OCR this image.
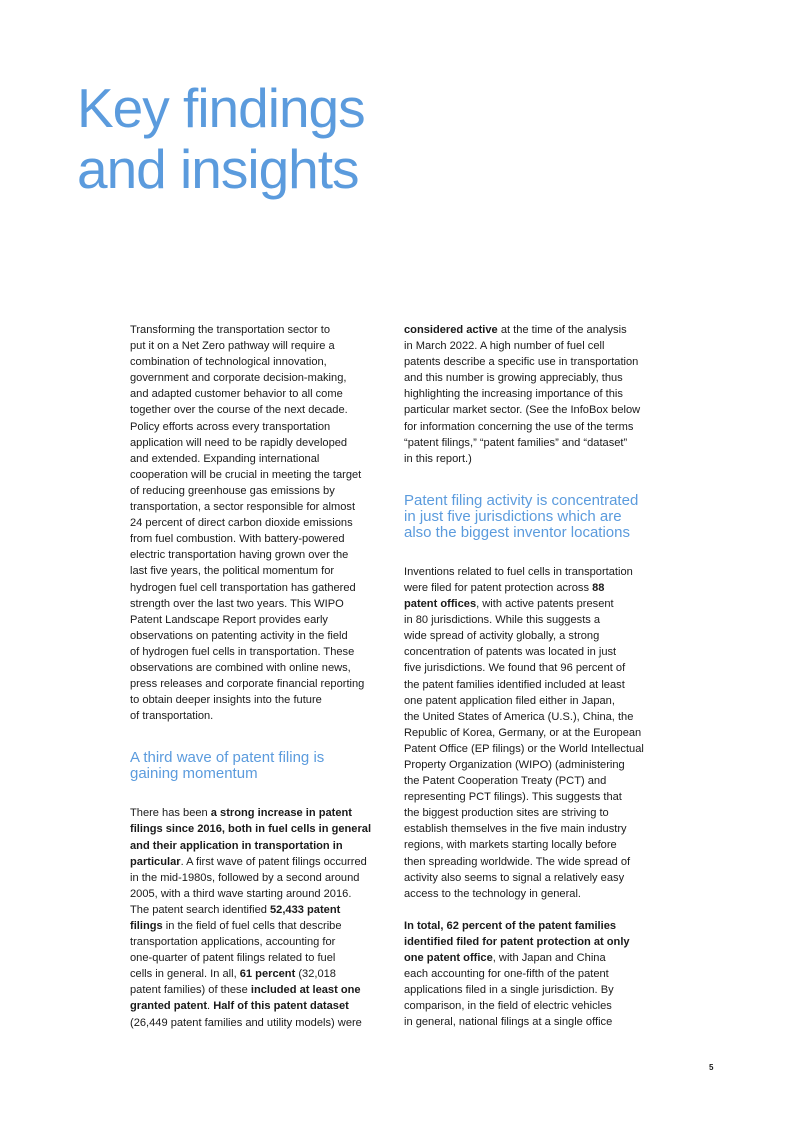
Key findings
and insights

Transforming the transportation sector to
put it on a Net Zero pathway will require a
combination of technological innovation,
government and corporate decision-making,
and adapted customer behavior to all come
together over the course of the next decade.
Policy efforts across every transportation
application will need to be rapidly developed
and extended. Expanding international
cooperation will be crucial in meeting the target
of reducing greenhouse gas emissions by
transportation, a sector responsible for almost
24 percent of direct carbon dioxide emissions
from fuel combustion. With battery-powered
electric transportation having grown over the
last five years, the political momentum for
hydrogen fuel cell transportation has gathered
strength over the last two years. This WIPO
Patent Landscape Report provides early
observations on patenting activity in the field
of hydrogen fuel cells in transportation. These
observations are combined with online news,
press releases and corporate financial reporting
to obtain deeper insights into the future
of transportation.

A third wave of patent filing is
gaining momentum

There has been a strong increase in patent
filings since 2016, both in fuel cells in general
and their application in transportation in
particular. A first wave of patent filings occurred
in the mid-1980s, followed by a second around
2005, with a third wave starting around 2016.
The patent search identified 52,433 patent
filings in the field of fuel cells that describe
transportation applications, accounting for
one-quarter of patent filings related to fuel
cells in general. In all, 61 percent (32,018
patent families) of these included at least one
granted patent. Half of this patent dataset
(26,449 patent families and utility models) were

considered active at the time of the analysis
in March 2022. A high number of fuel cell
patents describe a specific use in transportation
and this number is growing appreciably, thus
highlighting the increasing importance of this
particular market sector. (See the InfoBox below
for information concerning the use of the terms
“patent filings,” “patent families” and “dataset”
in this report.)

Patent filing activity is concentrated
in just five jurisdictions which are
also the biggest inventor locations

Inventions related to fuel cells in transportation
were filed for patent protection across 88
patent offices, with active patents present
in 80 jurisdictions. While this suggests a
wide spread of activity globally, a strong
concentration of patents was located in just
five jurisdictions. We found that 96 percent of
the patent families identified included at least
one patent application filed either in Japan,
the United States of America (U.S.), China, the
Republic of Korea, Germany, or at the European
Patent Office (EP filings) or the World Intellectual
Property Organization (WIPO) (administering
the Patent Cooperation Treaty (PCT) and
representing PCT filings). This suggests that
the biggest production sites are striving to
establish themselves in the five main industry
regions, with markets starting locally before
then spreading worldwide. The wide spread of
activity also seems to signal a relatively easy
access to the technology in general.

In total, 62 percent of the patent families
identified filed for patent protection at only
one patent office, with Japan and China
each accounting for one-fifth of the patent
applications filed in a single jurisdiction. By
comparison, in the field of electric vehicles
in general, national filings at a single office

5
